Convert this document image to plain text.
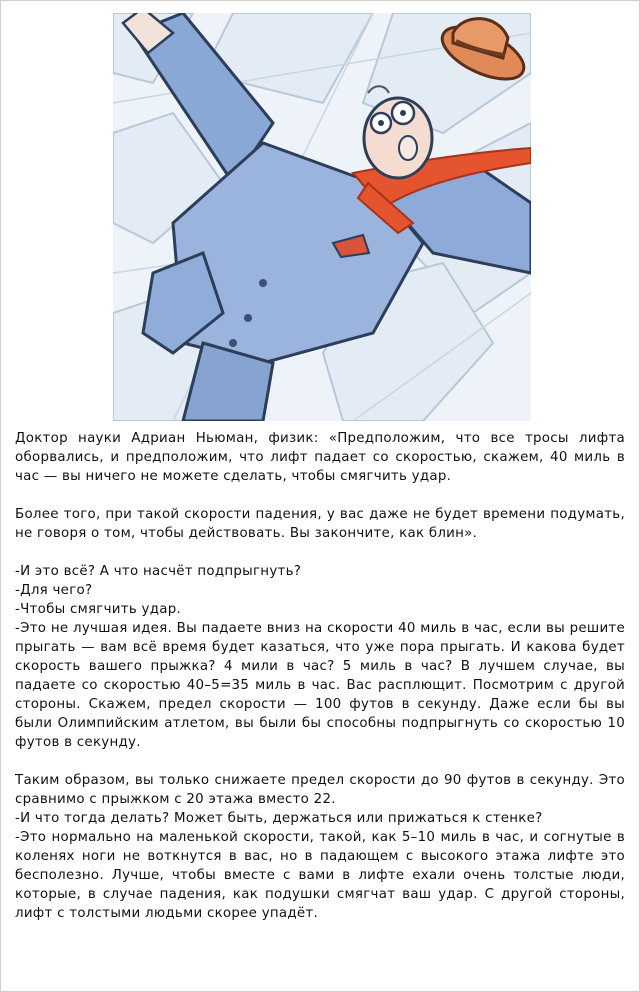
Доктор науки Адриан Ньюман, физик: «Предположим, что все тросы лифта оборвались, и предположим, что лифт падает со скоростью, скажем, 40 миль в час — вы ничего не можете сделать, чтобы смягчить удар.

Более того, при такой скорости падения, у вас даже не будет времени подумать, не говоря о том, чтобы действовать. Вы закончите, как блин».

-И это всё? А что насчёт подпрыгнуть?

-Для чего?

-Чтобы смягчить удар.

-Это не лучшая идея. Вы падаете вниз на скорости 40 миль в час, если вы решите прыгать — вам всё время будет казаться, что уже пора прыгать. И какова будет скорость вашего прыжка? 4 мили в час? 5 миль в час? В лучшем случае, вы падаете со скоростью 40–5=35 миль в час. Вас расплющит. Посмотрим с другой стороны. Скажем, предел скорости — 100 футов в секунду. Даже если бы вы были Олимпийским атлетом, вы были бы способны подпрыгнуть со скоростью 10 футов в секунду.

Таким образом, вы только снижаете предел скорости до 90 футов в секунду. Это сравнимо с прыжком с 20 этажа вместо 22.

-И что тогда делать? Может быть, держаться или прижаться к стенке?

-Это нормально на маленькой скорости, такой, как 5–10 миль в час, и согнутые в коленях ноги не воткнутся в вас, но в падающем с высокого этажа лифте это бесполезно. Лучше, чтобы вместе с вами в лифте ехали очень толстые люди, которые, в случае падения, как подушки смягчат ваш удар. С другой стороны, лифт с толстыми людьми скорее упадёт.
